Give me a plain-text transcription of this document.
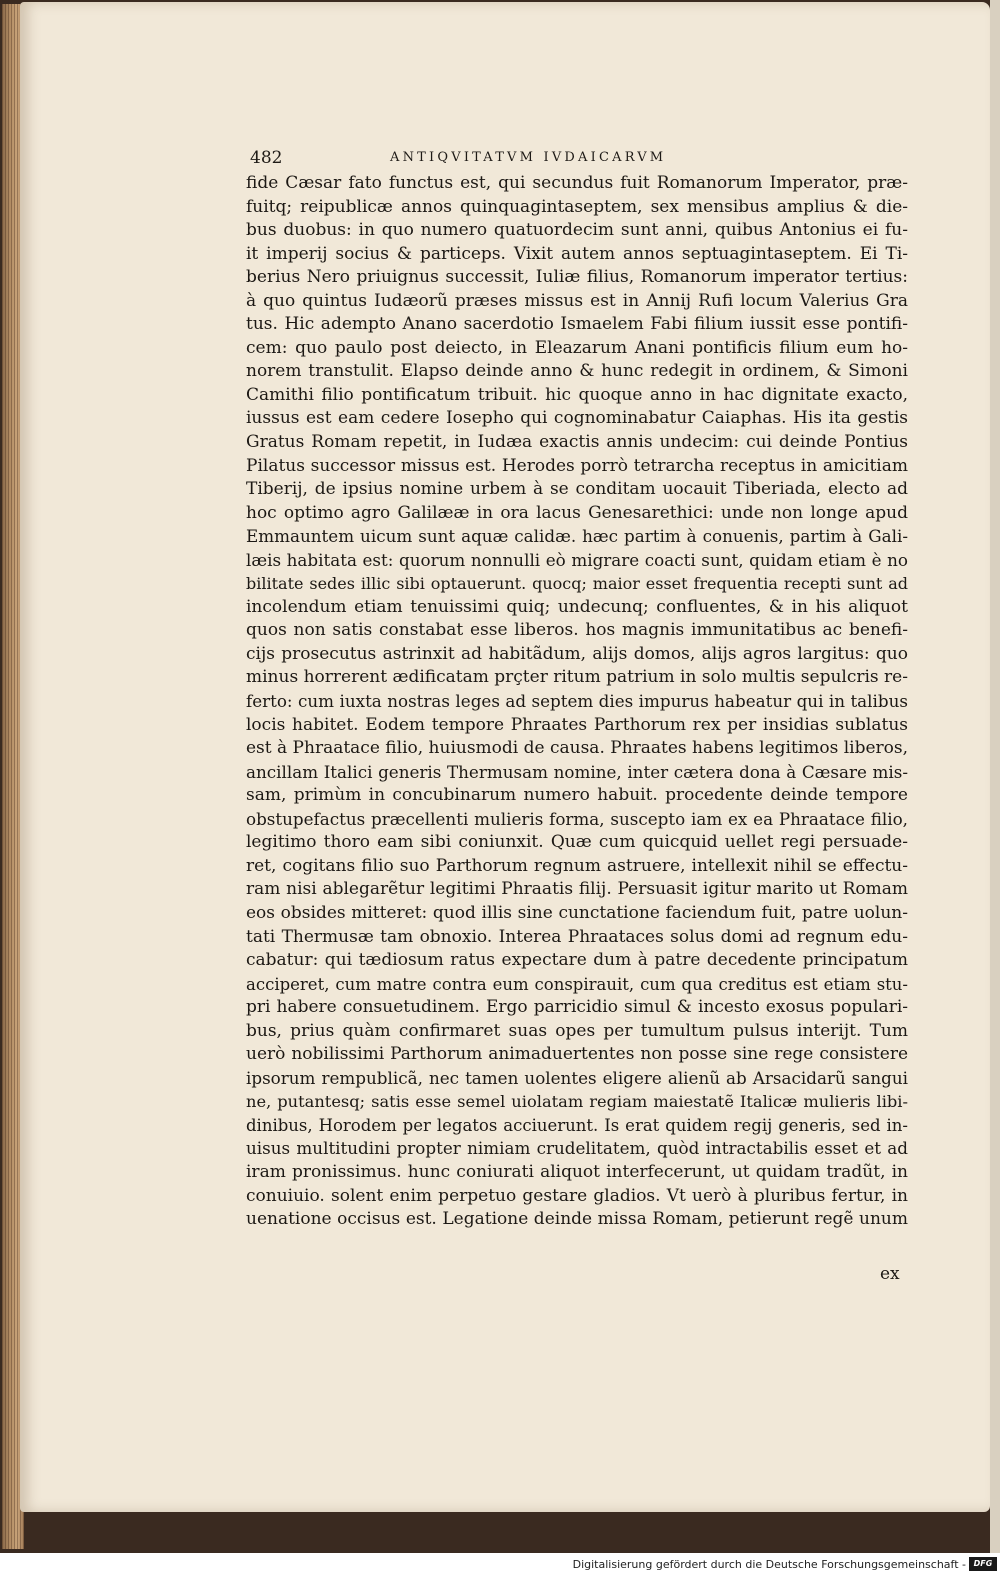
482	ANTIQVITATVM IVDAICARVM
fide Cæsar fato functus est, qui secundus fuit Romanorum Imperator, præ-
fuitq; reipublicæ annos quinquagintaseptem, sex mensibus amplius & die-
bus duobus: in quo numero quatuordecim sunt anni, quibus Antonius ei fu-
it imperij socius & particeps. Vixit autem annos septuagintaseptem. Ei Ti-
berius Nero priuignus successit, Iuliæ filius, Romanorum imperator tertius:
à quo quintus Iudæorũ præses missus est in Annij Rufi locum Valerius Gra
tus. Hic adempto Anano sacerdotio Ismaelem Fabi filium iussit esse pontifi-
cem: quo paulo post deiecto, in Eleazarum Anani pontificis filium eum ho-
norem transtulit. Elapso deinde anno & hunc redegit in ordinem, & Simoni
Camithi filio pontificatum tribuit. hic quoque anno in hac dignitate exacto,
iussus est eam cedere Iosepho qui cognominabatur Caiaphas. His ita gestis
Gratus Romam repetit, in Iudæa exactis annis undecim: cui deinde Pontius
Pilatus successor missus est. Herodes porrò tetrarcha receptus in amicitiam
Tiberij, de ipsius nomine urbem à se conditam uocauit Tiberiada, electo ad
hoc optimo agro Galilææ in ora lacus Genesarethici: unde non longe apud
Emmauntem uicum sunt aquæ calidæ. hæc partim à conuenis, partim à Gali-
læis habitata est: quorum nonnulli eò migrare coacti sunt, quidam etiam è no
bilitate sedes illic sibi optauerunt. quocq; maior esset frequentia recepti sunt ad
incolendum etiam tenuissimi quiq; undecunq; confluentes, & in his aliquot
quos non satis constabat esse liberos. hos magnis immunitatibus ac benefi-
cijs prosecutus astrinxit ad habitãdum, alijs domos, alijs agros largitus: quo
minus horrerent ædificatam prçter ritum patrium in solo multis sepulcris re-
ferto: cum iuxta nostras leges ad septem dies impurus habeatur qui in talibus
locis habitet. Eodem tempore Phraates Parthorum rex per insidias sublatus
est à Phraatace filio, huiusmodi de causa. Phraates habens legitimos liberos,
ancillam Italici generis Thermusam nomine, inter cætera dona à Cæsare mis-
sam, primùm in concubinarum numero habuit. procedente deinde tempore
obstupefactus præcellenti mulieris forma, suscepto iam ex ea Phraatace filio,
legitimo thoro eam sibi coniunxit. Quæ cum quicquid uellet regi persuade-
ret, cogitans filio suo Parthorum regnum astruere, intellexit nihil se effectu-
ram nisi ablegarẽtur legitimi Phraatis filij. Persuasit igitur marito ut Romam
eos obsides mitteret: quod illis sine cunctatione faciendum fuit, patre uolun-
tati Thermusæ tam obnoxio. Interea Phraataces solus domi ad regnum edu-
cabatur: qui tædiosum ratus expectare dum à patre decedente principatum
acciperet, cum matre contra eum conspirauit, cum qua creditus est etiam stu-
pri habere consuetudinem. Ergo parricidio simul & incesto exosus populari-
bus, prius quàm confirmaret suas opes per tumultum pulsus interijt. Tum
uerò nobilissimi Parthorum animaduertentes non posse sine rege consistere
ipsorum rempublicã, nec tamen uolentes eligere alienũ ab Arsacidarũ sangui
ne, putantesq; satis esse semel uiolatam regiam maiestatẽ Italicæ mulieris libi-
dinibus, Horodem per legatos acciuerunt. Is erat quidem regij generis, sed in-
uisus multitudini propter nimiam crudelitatem, quòd intractabilis esset et ad
iram pronissimus. hunc coniurati aliquot interfecerunt, ut quidam tradũt, in
conuiuio. solent enim perpetuo gestare gladios. Vt uerò à pluribus fertur, in
uenatione occisus est. Legatione deinde missa Romam, petierunt regẽ unum
ex
Digitalisierung gefördert durch die Deutsche Forschungsgemeinschaft - DFG
